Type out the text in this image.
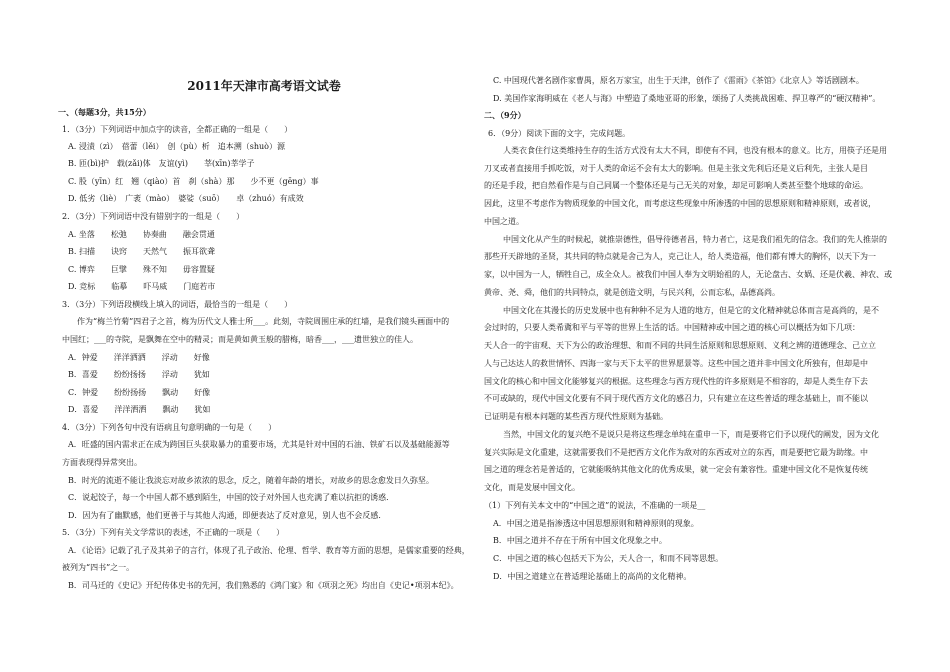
2011年天津市高考语文试卷
一、（每题3分，共15分）
1．（3分）下列词语中加点字的读音，全都正确的一组是（　　）
A. 浸渍（zì）　蓓蕾（lěi）　创（pù）析　追本溯（shuò）源
B. 匝(bì)护　载(zǎi)体　友谊(yì)　　莘(xīn)莘学子
C. 股（yīn）红　翘（qiào）首　刹（shà）那　　少不更（gēng）事
D. 低劣（liè）　广袤（mào）　婆娑（suō）　　卓（zhuó）有成效
2．（3分）下列词语中没有错别字的一组是（　　）
A. 坐落　　松弛　　协奏曲　　融会贯通
B. 扫描　　诀窍　　天然气　　振耳欲聋
C. 博弈　　巨擘　　殊不知　　毋容置疑
D. 竞标　　临摹　　吓马威　　门庭若市
3．（3分）下列语段横线上填入的词语，最恰当的一组是（　　）
作为“梅兰竹菊”四君子之首，梅为历代文人雅士所___。此刻，寺院周围庄承的红墙，是我们镜头画面中的
中国红；___的寺院，是飘舞在空中的精灵；而是黄如黄玉般的腊梅，暗香___，___遗世独立的佳人。
A．钟爱　　洋洋洒洒　　浮动　　好像
B．喜爱　　纷纷扬扬　　浮动　　犹如
C．钟爱　　纷纷扬扬　　飘动　　好像
D．喜爱　　洋洋洒洒　　飘动　　犹如
4．（3分）下列各句中没有语病且句意明确的一句是（　　）
A．旺盛的国内需求正在成为跨国巨头获取暴力的重要市场，尤其是针对中国的石油、铁矿石以及基础能源等
方面表现得异常突出。
B．时光的流逝不能让我淡忘对故乡浓浓的思念，反之，随着年龄的增长，对故乡的思念愈发日久弥坚。
C．说起饺子，每一个中国人都不感到陌生，中国的饺子对外国人也充满了难以抗拒的诱惑．
D．因为有了幽默感，他们更善于与其他人沟通，即便表达了反对意见，别人也不会反感．
5．（3分）下列有关文学常识的表述，不正确的一项是（　　）
A．《论语》记载了孔子及其弟子的言行，体现了孔子政治、伦理、哲学、教育等方面的思想，是儒家重要的经典，
被列为“四书”之一。
B．司马迁的《史记》开纪传体史书的先河，我们熟悉的《鸿门宴》和《项羽之死》均出自《史记•项羽本纪》。
C. 中国现代著名剧作家曹禺，原名万家宝，出生于天津，创作了《雷雨》《茶馆》《北京人》等话剧剧本。
D. 美国作家海明威在《老人与海》中塑造了桑地亚哥的形象，颂扬了人类挑战困难、捍卫尊严的“硬汉精神”。
二、（9分）
6．（9分）阅读下面的文字，完成问题。
人类衣食住行这类维持生存的生活方式没有太大不同，即使有不同，也没有根本的意义。比方，用筷子还是用
刀叉或者直接用手抓吃饭，对于人类的命运不会有太大的影响。但是主张文先利后还是义后利先，主张人是目
的还是手段，把自然看作是与自己同属一个整体还是与己无关的对象，却足可影响人类甚至整个地球的命运。
因此，这里不考虑作为物质现象的中国文化，而考虑这些现象中所渗透的中国的思想原则和精神原则，或者说，
中国之道。
中国文化从产生的时候起，就推崇德性，倡导待德者昌，特力者亡，这是我们祖先的信念。我们的先人推崇的
那些开天辟地的圣贤，其共同的特点就是舍己为人，克己让人，给人类造福，他们都有博大的胸怀，以天下为一
家，以中国为一人，牺牲自己，成全众人。被我们中国人奉为文明始祖的人，无论盘古、女娲、还是伏羲、神农、或
黄帝、尧、舜，他们的共同特点，就是创造文明，与民兴利，公而忘私，品德高尚。
中国文化在其漫长的历史发展中也有种种不足为人道的地方，但是它的文化精神就总体而言是高尚的，是不
会过时的，只要人类希冀和平与平等的世界上生活的话。中国精神或中国之道的核心可以概括为如下几项：
天人合一的宇宙观、天下为公的政治理想、和而不同的共同生活原则和思想原则、义利之辨的道德理念、己立立
人与己达达人的救世情怀、四海一家与天下太平的世界愿景等。这些中国之道并非中国文化所独有，但却是中
国文化的核心和中国文化能够复兴的根据。这些理念与西方现代性的许多原则是不相容的，却是人类生存下去
不可或缺的，现代中国文化要有不同于现代西方文化的感召力，只有建立在这些普适的理念基础上，而不能以
已证明是有根本问题的某些西方现代性原则为基础。
当然，中国文化的复兴绝不是说只是将这些理念单纯在重申一下，而是要将它们予以现代的阐发，因为文化
复兴实际是文化重建，这就需要我们不是把西方文化作为敌对的东西或对立的东西，而是要把它最为助缘。中
国之道的理念若是普适的，它就能吸纳其他文化的优秀成果，就一定会有兼容性。重建中国文化不是恢复传统
文化，而是发展中国文化。
（1）下列有关本文中的“中国之道”的说法，不准确的一项是__
A．中国之道是指渗透这中国思想原则和精神原则的现象。
B．中国之道并不存在于所有中国文化现象之中。
C．中国之道的核心包括天下为公，天人合一，和而不同等思想。
D．中国之道建立在普适理论基础上的高尚的文化精神。
